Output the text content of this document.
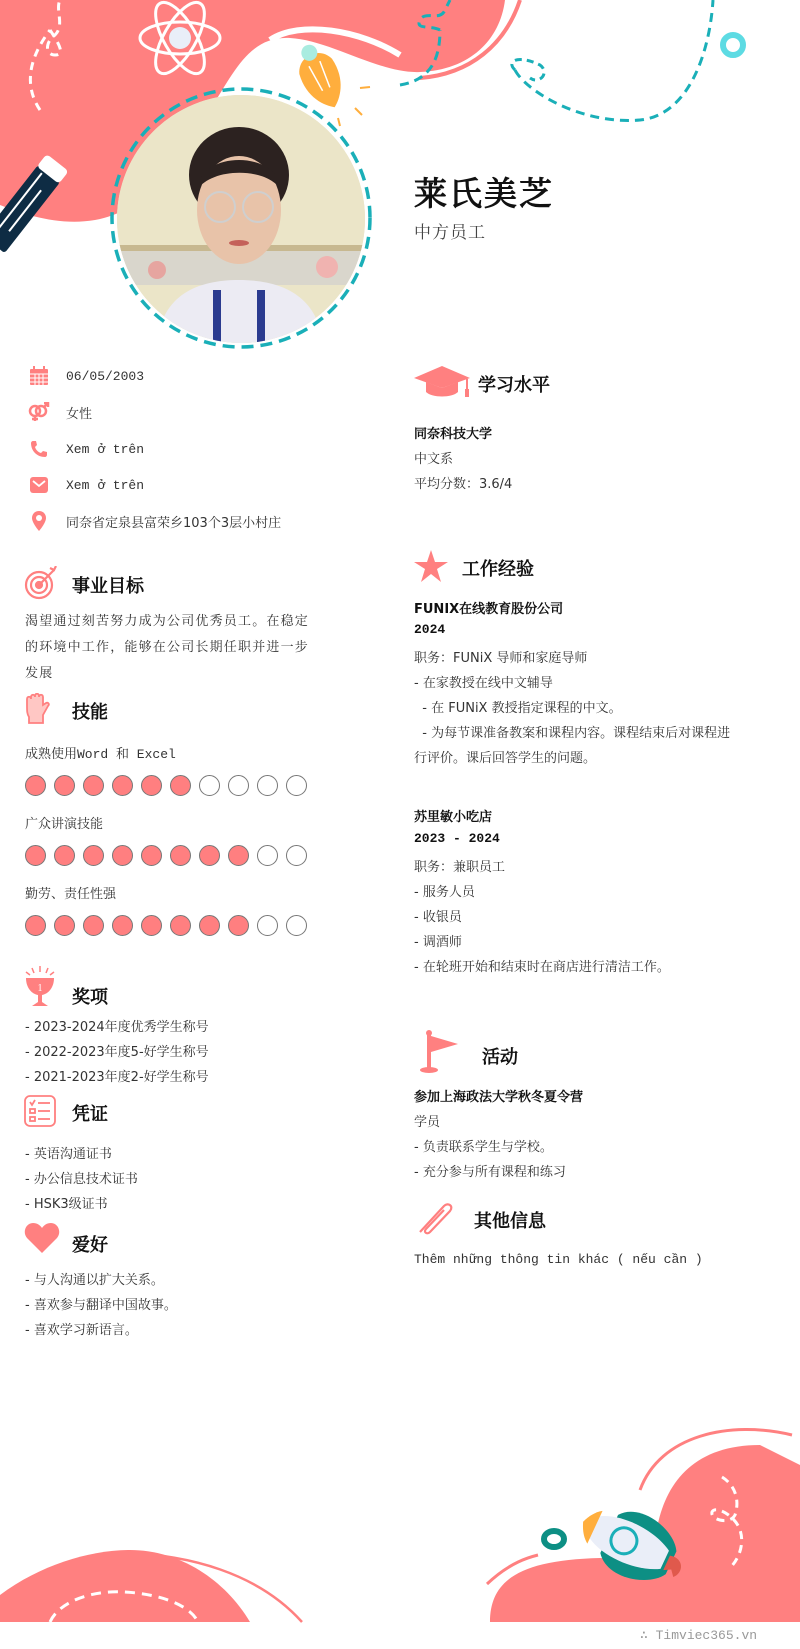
莱氏美芝
中方员工
06/05/2003
女性
Xem ở trên
Xem ở trên
同奈省定泉县富荣乡103个3层小村庄
事业目标
渴望通过刻苦努力成为公司优秀员工。在稳定的环境中工作，能够在公司长期任职并进一步发展
技能
成熟使用Word 和 Excel
广众讲演技能
勤劳、责任性强
1 奖项
- 2023-2024年度优秀学生称号
- 2022-2023年度5-好学生称号
- 2021-2023年度2-好学生称号
凭证
- 英语沟通证书
- 办公信息技术证书
- HSK3级证书
爱好
- 与人沟通以扩大关系。
- 喜欢参与翻译中国故事。
- 喜欢学习新语言。
学习水平
同奈科技大学
中文系
平均分数：3.6/4
工作经验
FUNIX在线教育股份公司
2024
职务：FUNiX 导师和家庭导师
- 在家教授在线中文辅导
- 在 FUNiX 教授指定课程的中文。
- 为每节课准备教案和课程内容。课程结束后对课程进
行评价。课后回答学生的问题。
苏里敏小吃店
2023 - 2024
职务：兼职员工
- 服务人员
- 收银员
- 调酒师
- 在轮班开始和结束时在商店进行清洁工作。
活动
参加上海政法大学秋冬夏令营
学员
- 负责联系学生与学校。
- 充分参与所有课程和练习
其他信息
Thêm những thông tin khác ( nếu cần )
∴ Timviec365.vn
